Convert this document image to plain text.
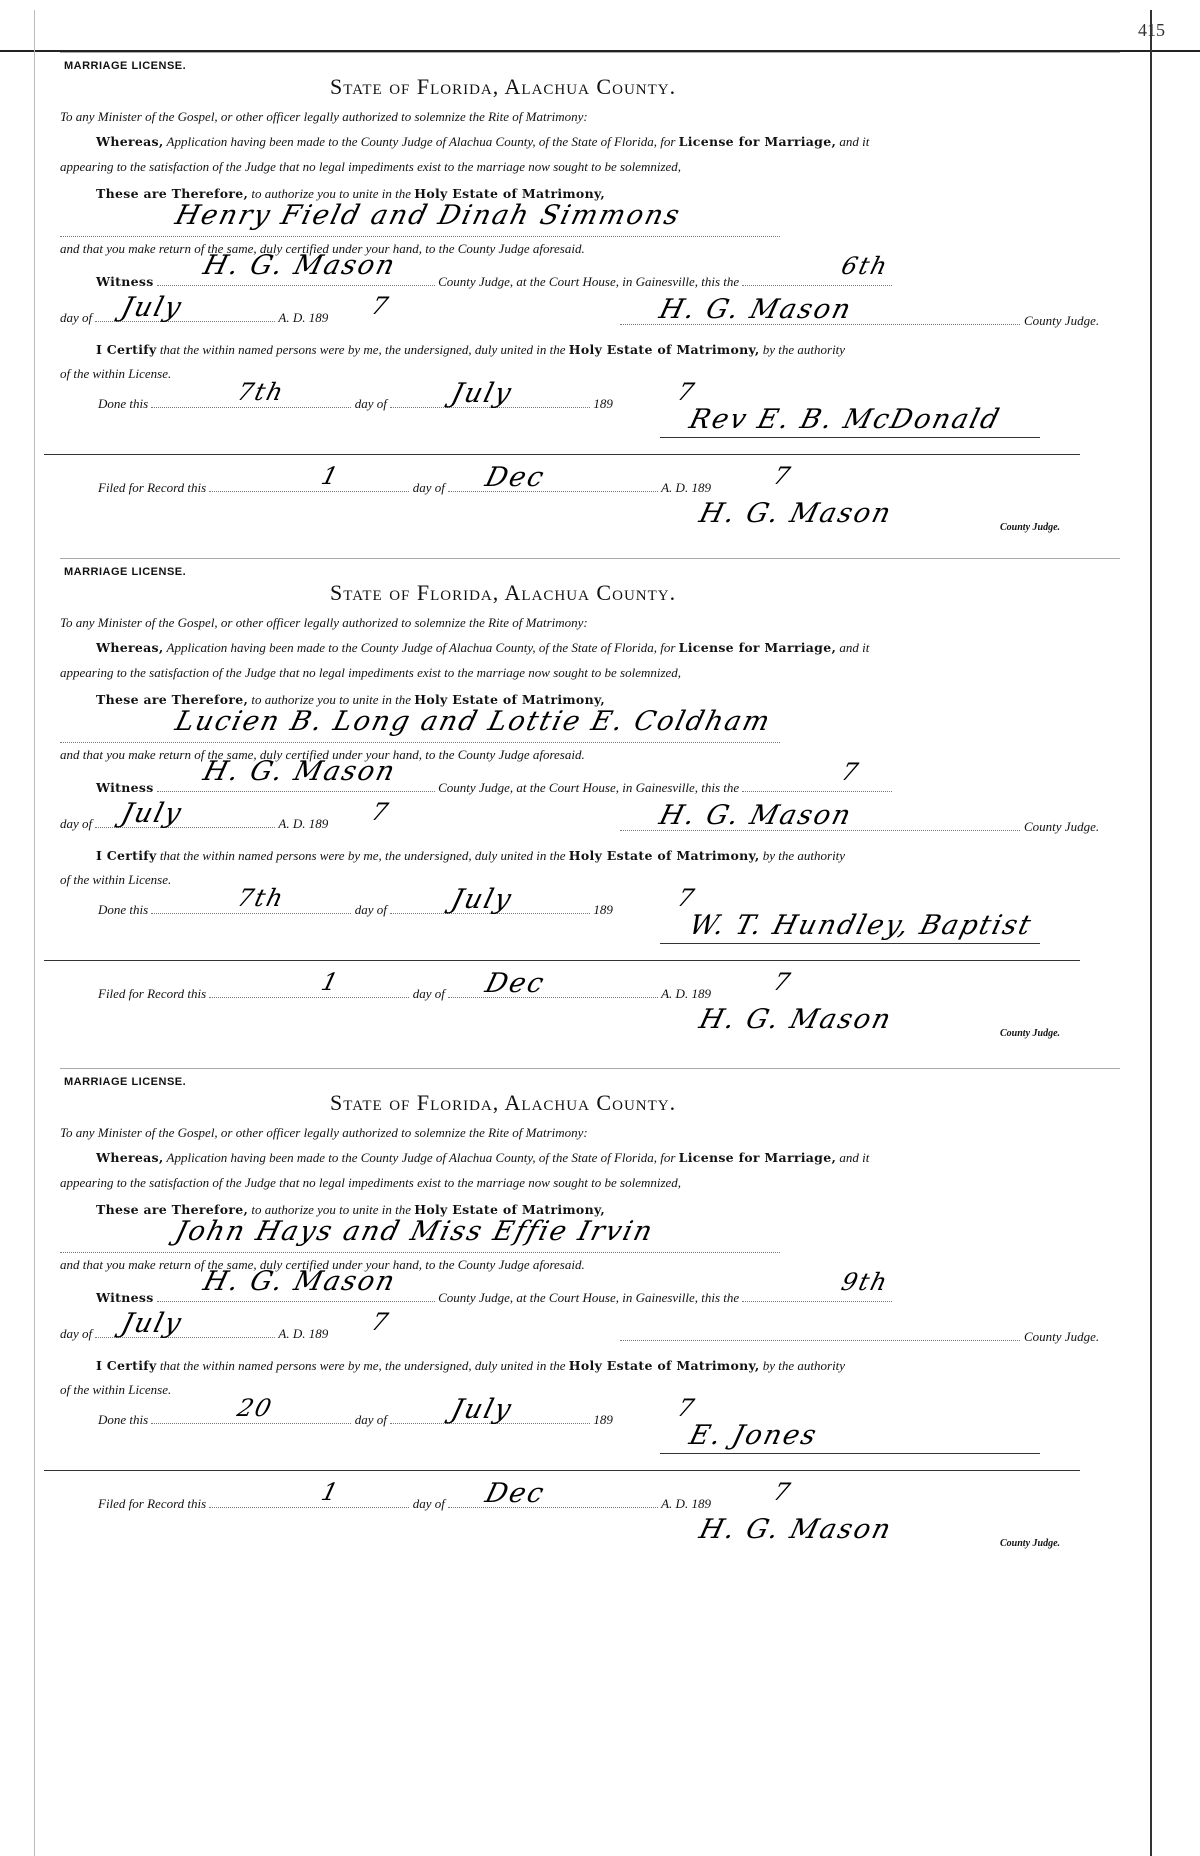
415
MARRIAGE LICENSE.
State of Florida, Alachua County.
To any Minister of the Gospel, or other officer legally authorized to solemnize the Rite of Matrimony:
Whereas, Application having been made to the County Judge of Alachua County, of the State of Florida, for License for Marriage, and it
appearing to the satisfaction of the Judge that no legal impediments exist to the marriage now sought to be solemnized,
These are Therefore, to authorize you to unite in the Holy Estate of Matrimony,
Henry Field and Dinah Simmons
and that you make return of the same, duly certified under your hand, to the County Judge aforesaid.
Witness	County Judge, at the Court House, in Gainesville, this the
H. G. Mason	6th
day of	A. D. 189 7
July	H. G. Mason	County Judge.
I Certify that the within named persons were by me, the undersigned, duly united in the Holy Estate of Matrimony, by the authority
of the within License.
Done this	day of	189
7th	July	7
Rev E. B. McDonald
Filed for Record this	day of	A. D. 189
1	Dec	7
H. G. Mason	County Judge.
MARRIAGE LICENSE.
State of Florida, Alachua County.
To any Minister of the Gospel, or other officer legally authorized to solemnize the Rite of Matrimony:
Whereas, Application having been made to the County Judge of Alachua County, of the State of Florida, for License for Marriage, and it
appearing to the satisfaction of the Judge that no legal impediments exist to the marriage now sought to be solemnized,
These are Therefore, to authorize you to unite in the Holy Estate of Matrimony,
Lucien B. Long and Lottie E. Coldham
and that you make return of the same, duly certified under your hand, to the County Judge aforesaid.
Witness	County Judge, at the Court House, in Gainesville, this the
H. G. Mason	7
day of	A. D. 189 7
July	H. G. Mason	County Judge.
I Certify that the within named persons were by me, the undersigned, duly united in the Holy Estate of Matrimony, by the authority
of the within License.
Done this	day of	189
7th	July	7
W. T. Hundley, Baptist
Filed for Record this	day of	A. D. 189
1	Dec	7
H. G. Mason	County Judge.
MARRIAGE LICENSE.
State of Florida, Alachua County.
To any Minister of the Gospel, or other officer legally authorized to solemnize the Rite of Matrimony:
Whereas, Application having been made to the County Judge of Alachua County, of the State of Florida, for License for Marriage, and it
appearing to the satisfaction of the Judge that no legal impediments exist to the marriage now sought to be solemnized,
These are Therefore, to authorize you to unite in the Holy Estate of Matrimony,
John Hays and Miss Effie Irvin
and that you make return of the same, duly certified under your hand, to the County Judge aforesaid.
Witness	County Judge, at the Court House, in Gainesville, this the
H. G. Mason	9th
day of	A. D. 189 7
July	County Judge.
I Certify that the within named persons were by me, the undersigned, duly united in the Holy Estate of Matrimony, by the authority
of the within License.
Done this	day of	189
20	July	7
E. Jones
Filed for Record this	day of	A. D. 189
1	Dec	7
H. G. Mason	County Judge.
